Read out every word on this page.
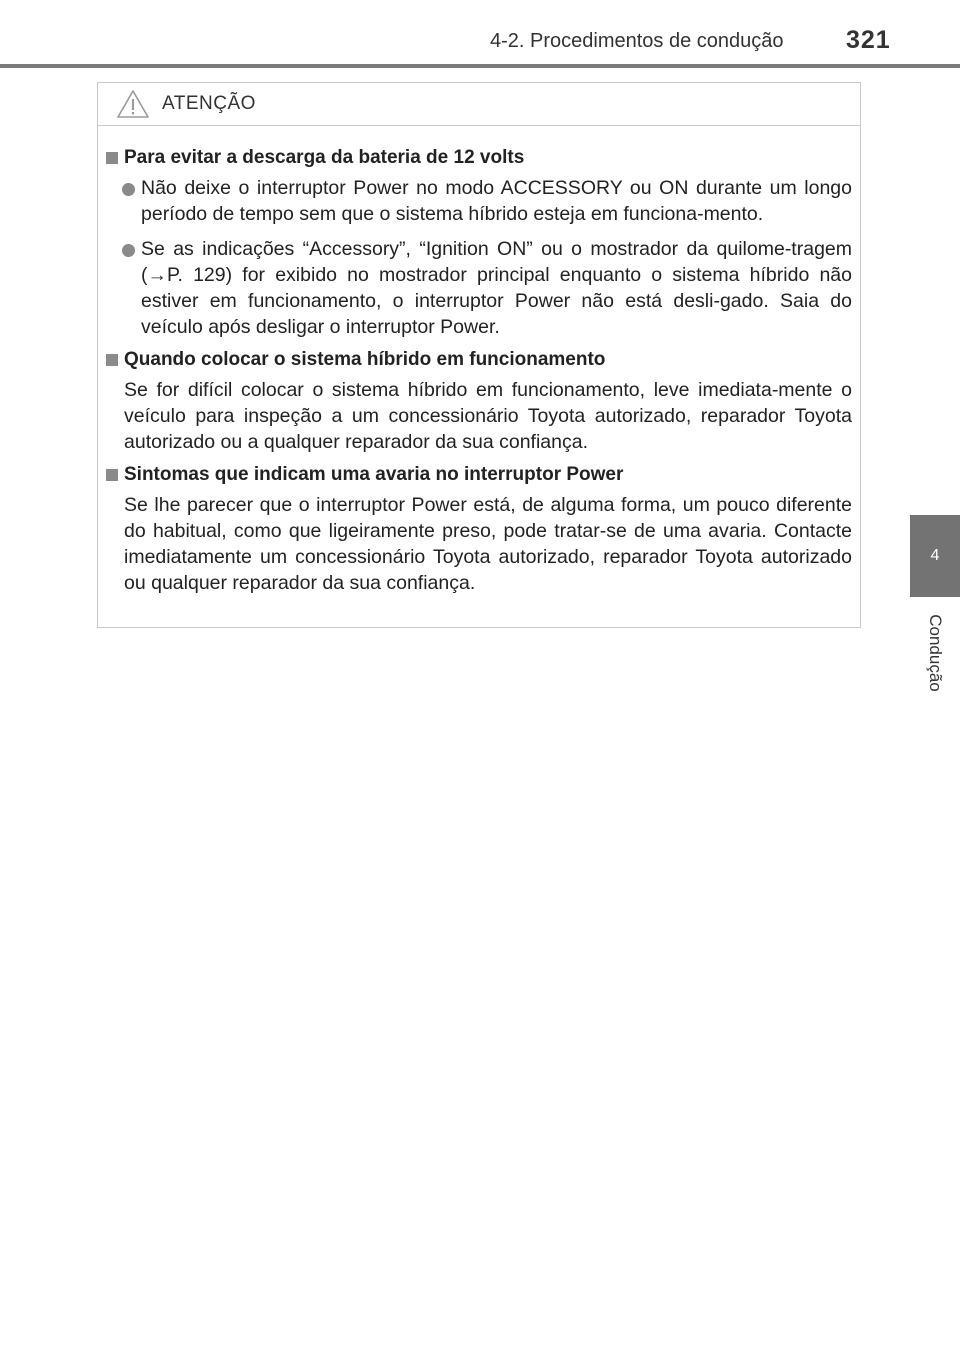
4-2. Procedimentos de condução 321
4
Condução
ATENÇÃO
Para evitar a descarga da bateria de 12 volts

Não deixe o interruptor Power no modo ACCESSORY ou ON durante um longo período de tempo sem que o sistema híbrido esteja em funciona-mento.

Se as indicações “Accessory”, “Ignition ON” ou o mostrador da quilome-tragem (→P. 129) for exibido no mostrador principal enquanto o sistema híbrido não estiver em funcionamento, o interruptor Power não está desli-gado. Saia do veículo após desligar o interruptor Power.

Quando colocar o sistema híbrido em funcionamento

Se for difícil colocar o sistema híbrido em funcionamento, leve imediata-mente o veículo para inspeção a um concessionário Toyota autorizado, reparador Toyota autorizado ou a qualquer reparador da sua confiança.

Sintomas que indicam uma avaria no interruptor Power

Se lhe parecer que o interruptor Power está, de alguma forma, um pouco diferente do habitual, como que ligeiramente preso, pode tratar-se de uma avaria. Contacte imediatamente um concessionário Toyota autorizado, reparador Toyota autorizado ou qualquer reparador da sua confiança.
